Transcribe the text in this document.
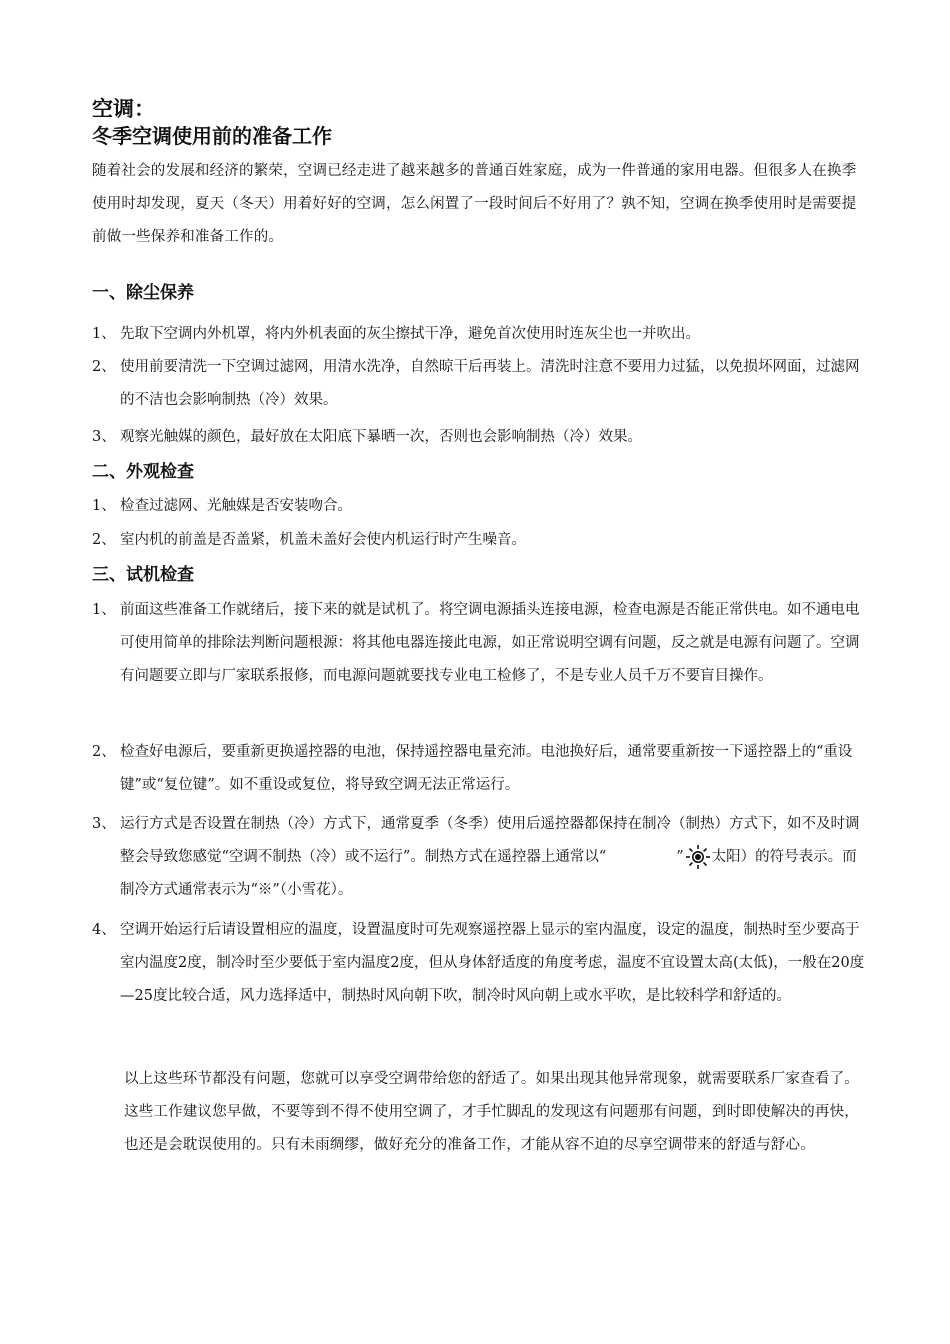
空调：
冬季空调使用前的准备工作
随着社会的发展和经济的繁荣，空调已经走进了越来越多的普通百姓家庭，成为一件普通的家用电器。但很多人在换季使用时却发现，夏天（冬天）用着好好的空调，怎么闲置了一段时间后不好用了？孰不知，空调在换季使用时是需要提前做一些保养和准备工作的。
一、除尘保养
1、 先取下空调内外机罩，将内外机表面的灰尘擦拭干净，避免首次使用时连灰尘也一并吹出。
2、 使用前要清洗一下空调过滤网，用清水洗净，自然晾干后再装上。清洗时注意不要用力过猛，以免损坏网面，过滤网的不洁也会影响制热（冷）效果。
3、 观察光触媒的颜色，最好放在太阳底下暴晒一次，否则也会影响制热（冷）效果。
二、外观检查
1、 检查过滤网、光触媒是否安装吻合。
2、 室内机的前盖是否盖紧，机盖未盖好会使内机运行时产生噪音。
三、试机检查
1、 前面这些准备工作就绪后，接下来的就是试机了。将空调电源插头连接电源，检查电源是否能正常供电。如不通电电可使用简单的排除法判断问题根源：将其他电器连接此电源，如正常说明空调有问题，反之就是电源有问题了。空调有问题要立即与厂家联系报修，而电源问题就要找专业电工检修了，不是专业人员千万不要盲目操作。
2、 检查好电源后，要重新更换遥控器的电池，保持遥控器电量充沛。电池换好后，通常要重新按一下遥控器上的“重设键”或“复位键”。如不重设或复位，将导致空调无法正常运行。
3、 运行方式是否设置在制热（冷）方式下，通常夏季（冬季）使用后遥控器都保持在制冷（制热）方式下，如不及时调整会导致您感觉“空调不制热（冷）或不运行”。制热方式在遥控器上通常以“	” 太阳）的符号表示。而制冷方式通常表示为“※”（小雪花）。
4、 空调开始运行后请设置相应的温度，设置温度时可先观察遥控器上显示的室内温度，设定的温度，制热时至少要高于室内温度2度，制冷时至少要低于室内温度2度，但从身体舒适度的角度考虑，温度不宜设置太高(太低)，一般在20度—25度比较合适，风力选择适中，制热时风向朝下吹，制冷时风向朝上或水平吹，是比较科学和舒适的。
以上这些环节都没有问题，您就可以享受空调带给您的舒适了。如果出现其他异常现象，就需要联系厂家查看了。这些工作建议您早做，不要等到不得不使用空调了，才手忙脚乱的发现这有问题那有问题，到时即使解决的再快，也还是会耽误使用的。只有未雨绸缪，做好充分的准备工作，才能从容不迫的尽享空调带来的舒适与舒心。
